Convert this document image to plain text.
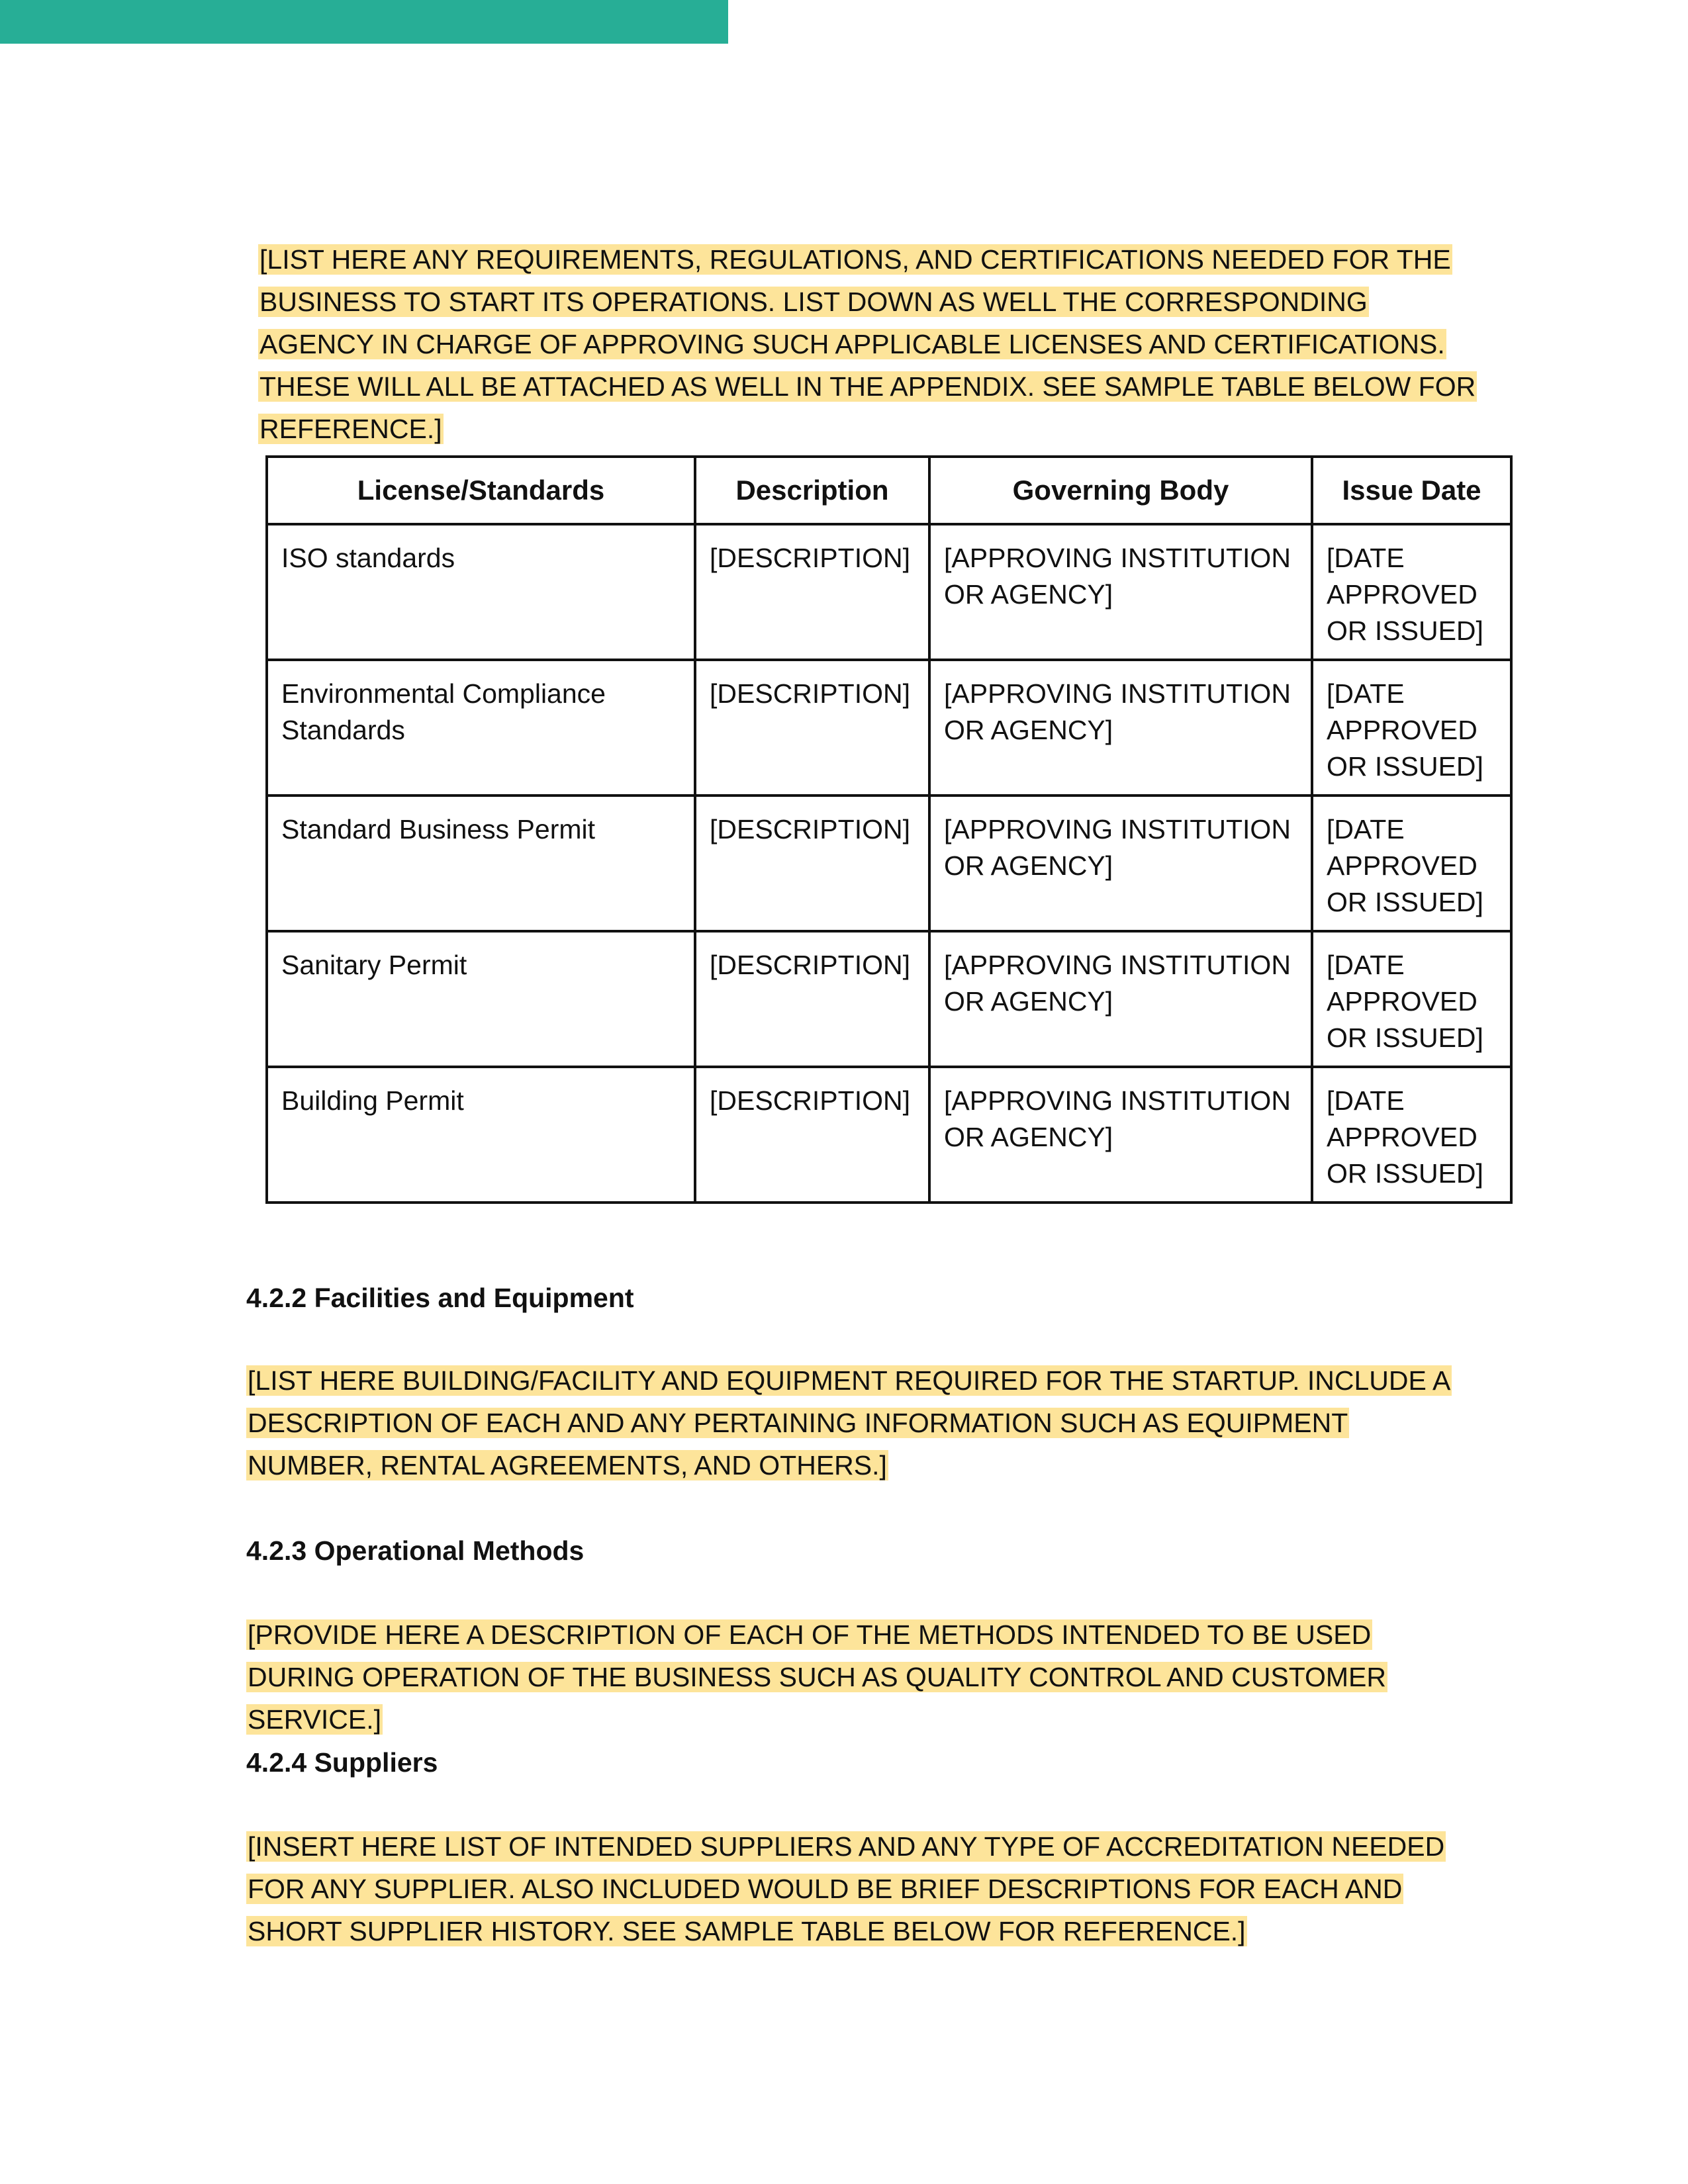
[LIST HERE ANY REQUIREMENTS, REGULATIONS, AND CERTIFICATIONS NEEDED FOR THE BUSINESS TO START ITS OPERATIONS. LIST DOWN AS WELL THE CORRESPONDING AGENCY IN CHARGE OF APPROVING SUCH APPLICABLE LICENSES AND CERTIFICATIONS. THESE WILL ALL BE ATTACHED AS WELL IN THE APPENDIX. SEE SAMPLE TABLE BELOW FOR REFERENCE.]

License/Standards	Description	Governing Body	Issue Date
ISO standards	[DESCRIPTION]	[APPROVING INSTITUTION OR AGENCY]	[DATE APPROVED OR ISSUED]
Environmental Compliance Standards	[DESCRIPTION]	[APPROVING INSTITUTION OR AGENCY]	[DATE APPROVED OR ISSUED]
Standard Business Permit	[DESCRIPTION]	[APPROVING INSTITUTION OR AGENCY]	[DATE APPROVED OR ISSUED]
Sanitary Permit	[DESCRIPTION]	[APPROVING INSTITUTION OR AGENCY]	[DATE APPROVED OR ISSUED]
Building Permit	[DESCRIPTION]	[APPROVING INSTITUTION OR AGENCY]	[DATE APPROVED OR ISSUED]
4.2.2 Facilities and Equipment

[LIST HERE BUILDING/FACILITY AND EQUIPMENT REQUIRED FOR THE STARTUP. INCLUDE A DESCRIPTION OF EACH AND ANY PERTAINING INFORMATION SUCH AS EQUIPMENT NUMBER, RENTAL AGREEMENTS, AND OTHERS.]

4.2.3 Operational Methods

[PROVIDE HERE A DESCRIPTION OF EACH OF THE METHODS INTENDED TO BE USED DURING OPERATION OF THE BUSINESS SUCH AS QUALITY CONTROL AND CUSTOMER SERVICE.]

4.2.4 Suppliers

[INSERT HERE LIST OF INTENDED SUPPLIERS AND ANY TYPE OF ACCREDITATION NEEDED FOR ANY SUPPLIER. ALSO INCLUDED WOULD BE BRIEF DESCRIPTIONS FOR EACH AND SHORT SUPPLIER HISTORY. SEE SAMPLE TABLE BELOW FOR REFERENCE.]
